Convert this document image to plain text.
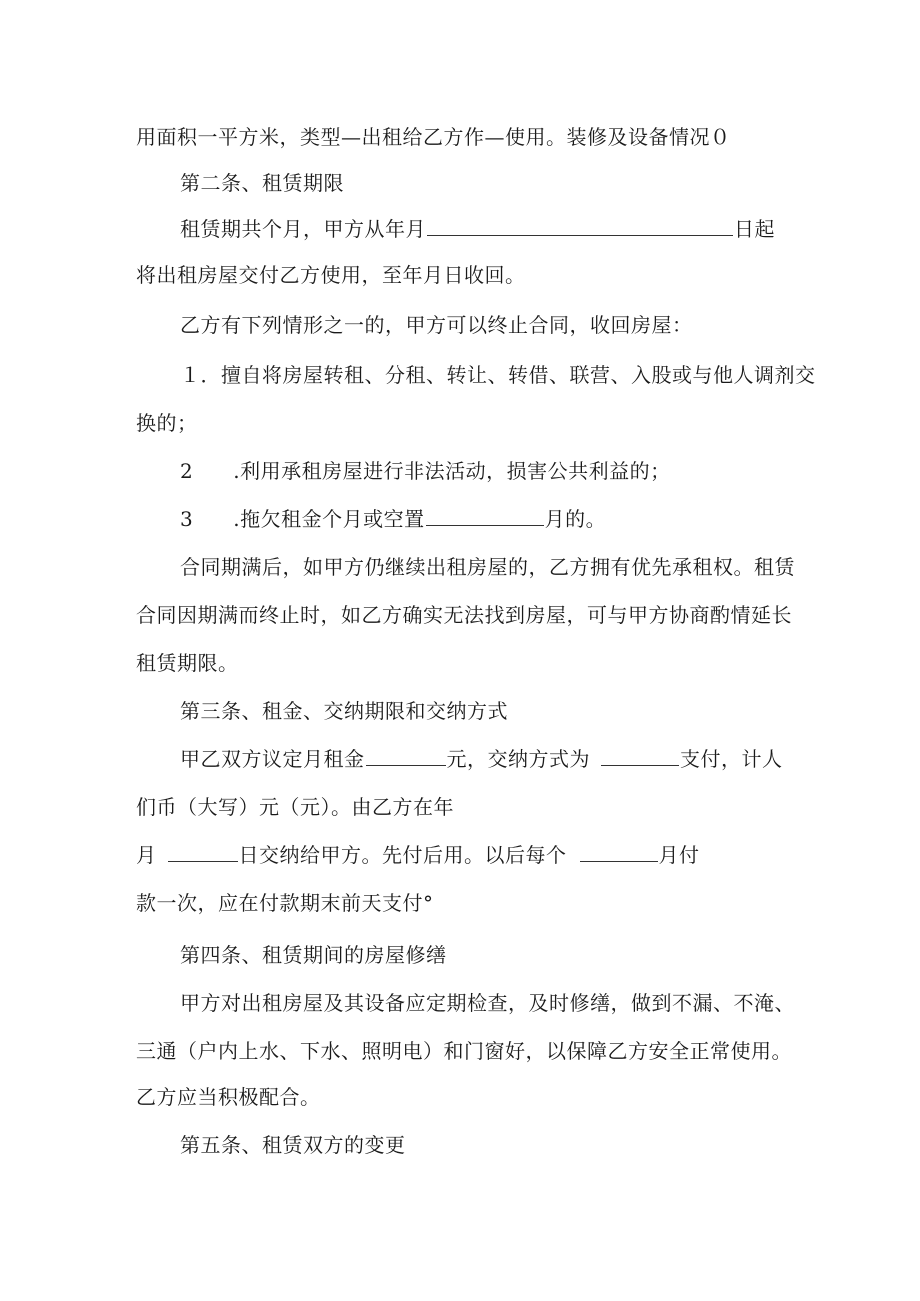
用面积一平方米，类型—出租给乙方作—使用。装修及设备情况０
第二条、租赁期限
租赁期共个月，甲方从年月	日起
将出租房屋交付乙方使用，至年月日收回。
乙方有下列情形之一的，甲方可以终止合同，收回房屋：
１．擅自将房屋转租、分租、转让、转借、联营、入股或与他人调剂交
换的；
2 .利用承租房屋进行非法活动，损害公共利益的；
3 .拖欠租金个月或空置	月的。
合同期满后，如甲方仍继续出租房屋的，乙方拥有优先承租权。租赁
合同因期满而终止时，如乙方确实无法找到房屋，可与甲方协商酌情延长
租赁期限。
第三条、租金、交纳期限和交纳方式
甲乙双方议定月租金	元，交纳方式为	支付，计人
们币（大写）元（元）。由乙方在年
月	日交纳给甲方。先付后用。以后每个	月付
款一次，应在付款期末前天支付°
第四条、租赁期间的房屋修缮
甲方对出租房屋及其设备应定期检查，及时修缮，做到不漏、不淹、
三通（户内上水、下水、照明电）和门窗好，以保障乙方安全正常使用。
乙方应当积极配合。
第五条、租赁双方的变更
